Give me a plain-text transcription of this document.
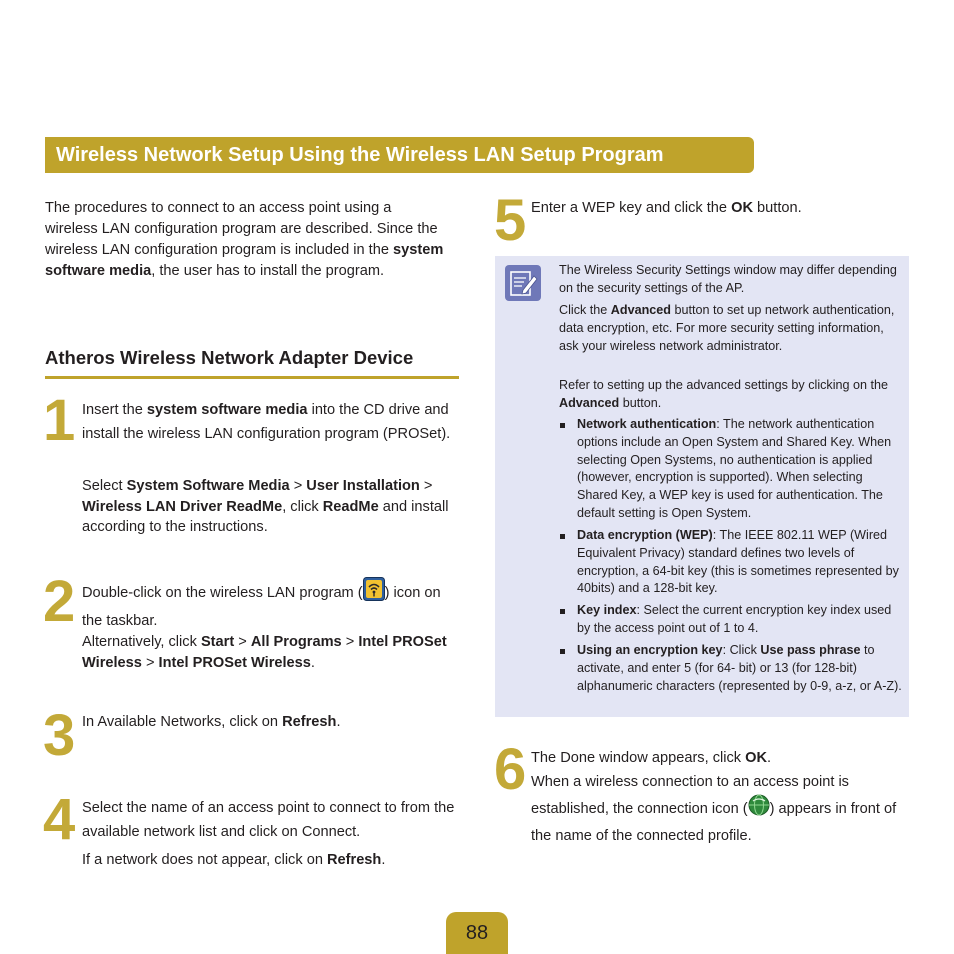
Wireless Network Setup Using the Wireless LAN Setup Program

The procedures to connect to an access point using a wireless LAN configuration program are described. Since the wireless LAN configuration program is included in the system software media, the user has to install the program.

Atheros Wireless Network Adapter Device
1 Insert the system software media into the CD drive and install the wireless LAN configuration program (PROSet).

Select System Software Media > User Installation > Wireless LAN Driver ReadMe, click ReadMe and install according to the instructions.

2 Double-click on the wireless LAN program ( ) icon on the taskbar.

Alternatively, click Start > All Programs > Intel PROSet Wireless > Intel PROSet Wireless.

3 In Available Networks, click on Refresh.

4 Select the name of an access point to connect to from the available network list and click on Connect.

If a network does not appear, click on Refresh.

5 Enter a WEP key and click the OK button.

The Wireless Security Settings window may differ depending on the security settings of the AP.

Click the Advanced button to set up network authentication, data encryption, etc. For more security setting information, ask your wireless network administrator.

Refer to setting up the advanced settings by clicking on the Advanced button.

Network authentication: The network authentication options include an Open System and Shared Key. When selecting Open Systems, no authentication is applied (however, encryption is supported). When selecting Shared Key, a WEP key is used for authentication. The default setting is Open System.

Data encryption (WEP): The IEEE 802.11 WEP (Wired Equivalent Privacy) standard defines two levels of encryption, a 64-bit key (this is sometimes represented by 40bits) and a 128-bit key.

Key index: Select the current encryption key index used by the access point out of 1 to 4.

Using an encryption key: Click Use pass phrase to activate, and enter 5 (for 64- bit) or 13 (for 128-bit) alphanumeric characters (represented by 0-9, a-z, or A-Z).

6 The Done window appears, click OK.

When a wireless connection to an access point is established, the connection icon ( ) appears in front of the name of the connected profile.

88
